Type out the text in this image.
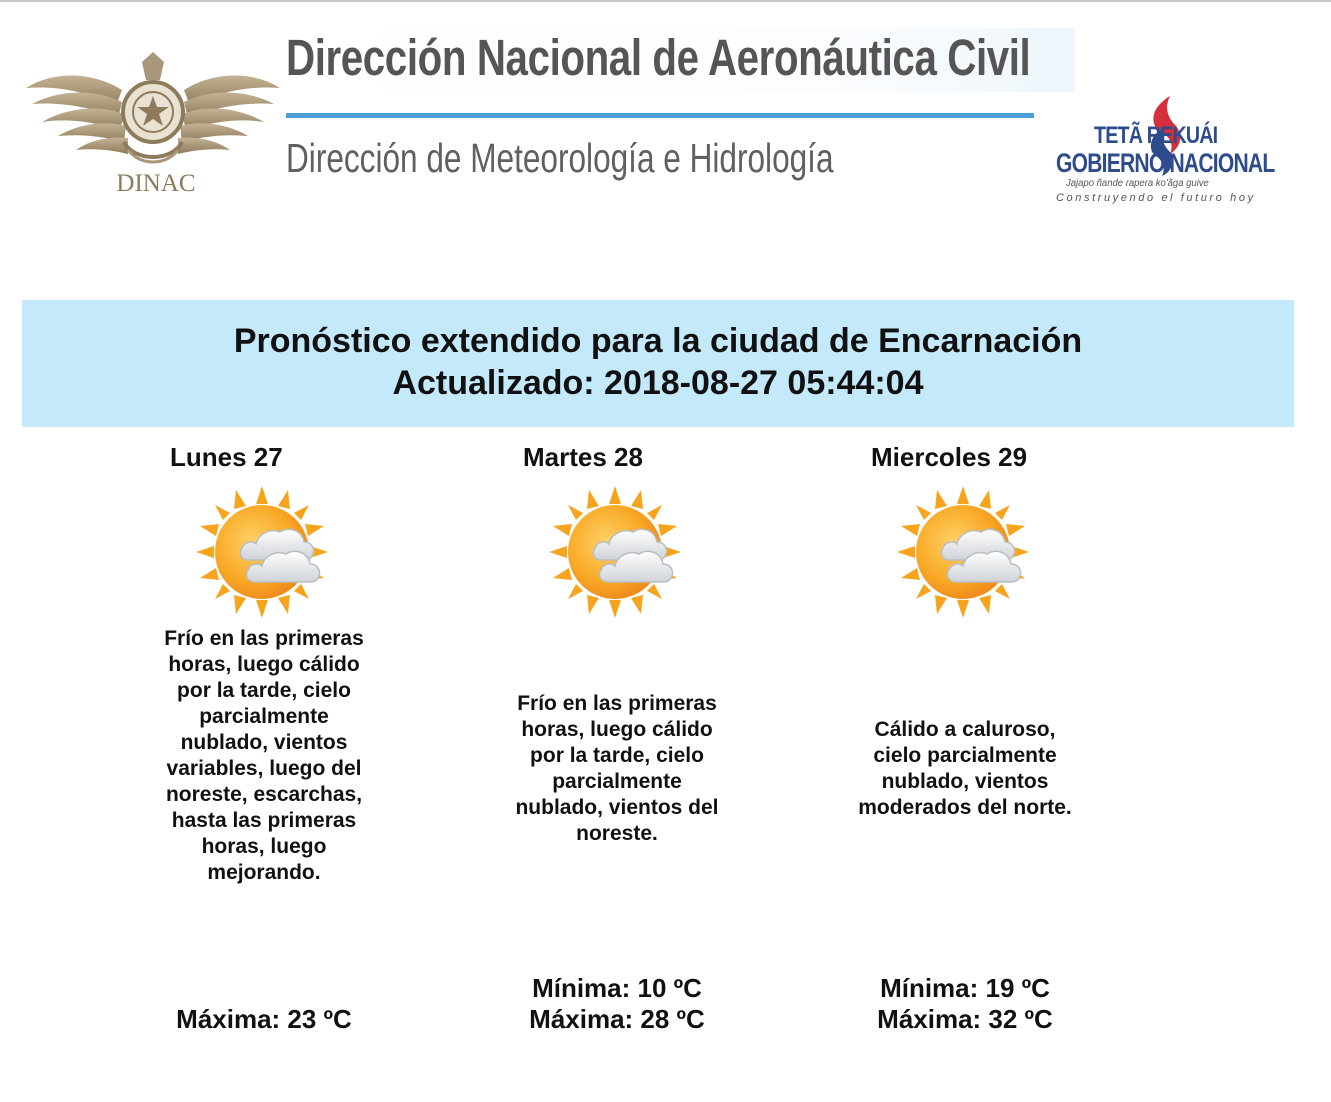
DINAC
Dirección Nacional de Aeronáutica Civil
Dirección de Meteorología e Hidrología	TETÃ REKUÁI
GOBIERNO NACIONAL
Jajapo ñande rapera ko'ãga guive
Construyendo el futuro hoy
Pronóstico extendido para la ciudad de Encarnación
Actualizado: 2018-08-27 05:44:04
Lunes 27
Frío en las primeras horas, luego cálido por la tarde, cielo parcialmente nublado, vientos variables, luego del noreste, escarchas, hasta las primeras horas, luego mejorando.
Máxima: 23 ºC
Martes 28
Frío en las primeras horas, luego cálido por la tarde, cielo parcialmente nublado, vientos del noreste.
Mínima: 10 ºC
Máxima: 28 ºC
Miercoles 29
Cálido a caluroso, cielo parcialmente nublado, vientos moderados del norte.
Mínima: 19 ºC
Máxima: 32 ºC
